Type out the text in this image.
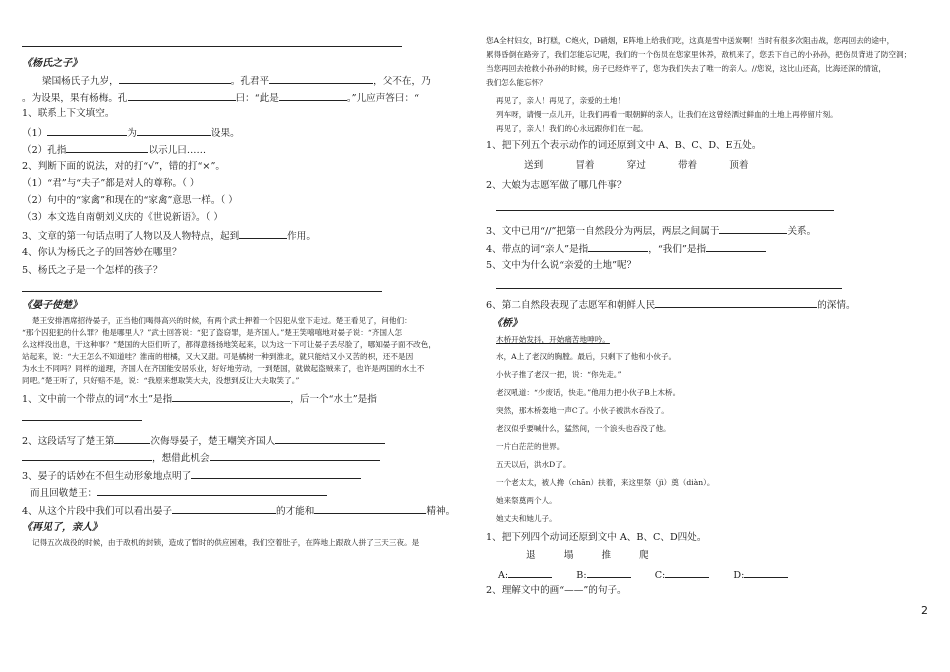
《杨氏之子》
梁国杨氏子九岁，	。孔君平	，父不在，乃
。为设果，果有杨梅。孔	曰：“此是	。”儿应声答曰：“
1、联系上下文填空。
（1）	为	设果。
（2）孔指	以示儿曰……
2、判断下面的说法，对的打“√”，错的打“×”。
（1）“君”与“夫子”都是对人的尊称。（ ）
（2）句中的“家禽”和现在的“家禽”意思一样。（ ）
（3）本文选自南朝刘义庆的《世说新语》。（ ）
3、文章的第一句话点明了人物以及人物特点，起到	作用。
4、你认为杨氏之子的回答妙在哪里？
5、杨氏之子是一个怎样的孩子？
《晏子使楚》
楚王安排酒席招待晏子，正当他们喝得高兴的时候，有两个武士押着一个囚犯从堂下走过。楚王看见了，问他们：
“那个囚犯犯的什么罪？他是哪里人？”武士回答说：“犯了盗窃罪，是齐国人。”楚王笑嘻嘻地对晏子说：“齐国人怎
么这样没出息，干这种事？”楚国的大臣们听了，都得意扬扬地笑起来，以为这一下可让晏子丢尽脸了，哪知晏子面不改色，
站起来，说：“大王怎么不知道哇？淮南的柑橘，又大又甜。可是橘树一种到淮北，就只能结又小又苦的枳，还不是因
为水土不同吗？同样的道理，齐国人在齐国能安居乐业，好好地劳动，一到楚国，就做起盗贼来了，也许是两国的水土不
同吧。”楚王听了，只好赔不是，说：“我原来想取笑大夫，没想到反让大夫取笑了。”
1、文中前一个带点的词“水土”是指	，后一个“水土”是指
2、这段话写了楚王第	次侮辱晏子，楚王嘲笑齐国人
，想借此机会
3、晏子的话妙在不但生动形象地点明了
而且回敬楚王：
4、从这个片段中我们可以看出晏子	的才能和	精神。
《再见了，亲人》
记得五次战役的时候，由于敌机的封锁，造成了暂时的供应困难，我们空着肚子，在阵地上跟敌人拼了三天三夜。是
您A全村妇女，B打糕，C炮火，D硝烟，E阵地上给我们吃，这真是雪中送炭啊！当时有很多次阻击战，您再回去的途中，
累得昏倒在路旁了，我们怎能忘记呢，我们的一个伤员在您家里休养，敌机来了，您丢下自己的小孙孙，把伤员背进了防空洞；
当您再回去抢救小孙孙的时候，房子已经炸平了，您为我们失去了唯一的亲人。//您说，这比山还高，比海还深的情谊，
我们怎么能忘怀？
再见了，亲人！再见了，亲爱的土地！
列车呀，请慢一点儿开，让我们再看一眼朝鲜的亲人，让我们在这曾经洒过鲜血的土地上再停留片刻。
再见了，亲人！我们的心永远跟你们在一起。
1、把下列五个表示动作的词还原到文中 A、B、C、D、E五处。
送到	冒着	穿过	带着	顶着
2、大娘为志愿军做了哪几件事？
3、文中已用“//”把第一自然段分为两层，两层之间属于	关系。
4、带点的词“亲人”是指	，“我们”是指
5、文中为什么说“亲爱的土地”呢？
6、第二自然段表现了志愿军和朝鲜人民	的深情。
《桥》
木桥开始发抖，开始痛苦地呻吟。
水，A上了老汉的胸膛。最后，只剩下了他和小伙子。
小伙子推了老汉一把，说：“你先走。”
老汉吼道：“少废话，快走。”他用力把小伙子B上木桥。
突然，那木桥轰地一声C了。小伙子被洪水吞没了。
老汉似乎要喊什么，猛然间，一个浪头也吞没了他。
一片白茫茫的世界。
五天以后，洪水D了。
一个老太太，被人搀（chān）扶着，来这里祭（jì）奠（diàn）。
她来祭奠两个人。
她丈夫和她儿子。
1、把下列四个动词还原到文中 A、B、C、D四处。
退	塌	推	爬
A:	B:	C:	D:
2、理解文中的画“——”的句子。
2
